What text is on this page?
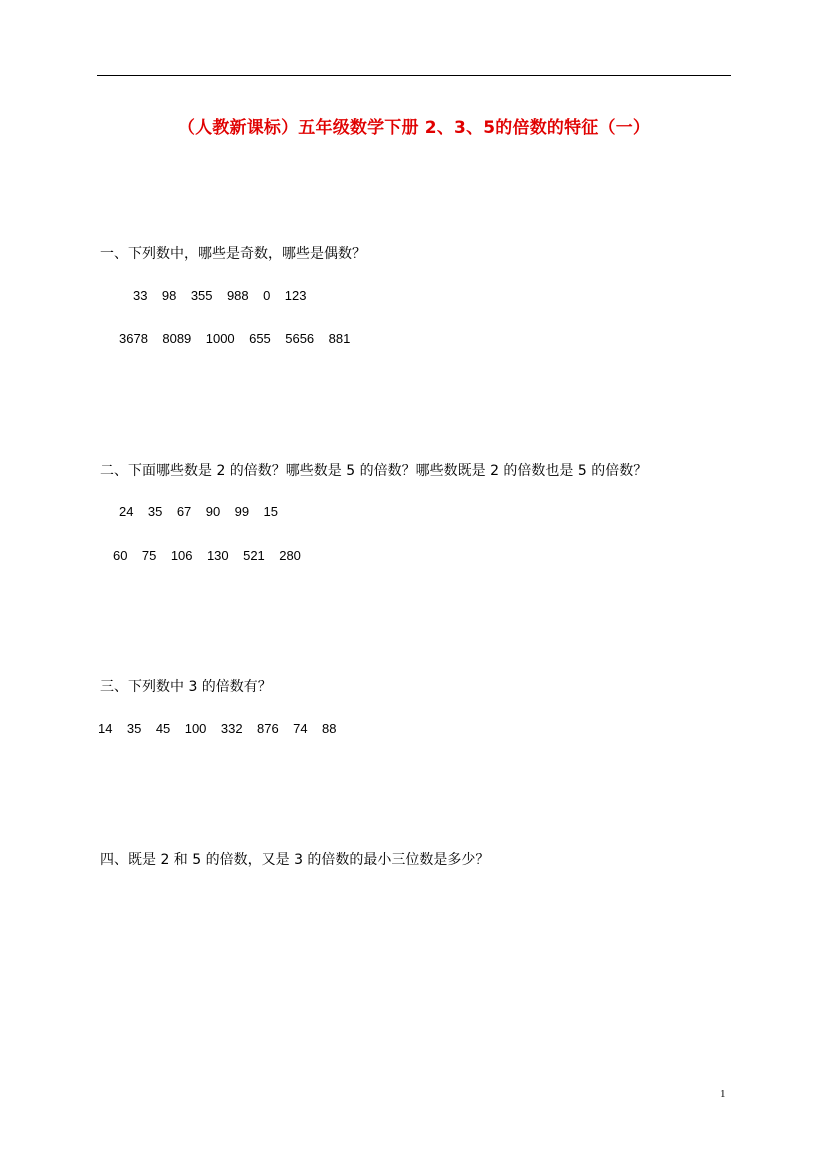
（人教新课标）五年级数学下册 2、3、5的倍数的特征（一）
一、下列数中，哪些是奇数，哪些是偶数？
33    98    355    988    0    123
3678    8089    1000    655    5656    881
二、下面哪些数是 2 的倍数？哪些数是 5 的倍数？哪些数既是 2 的倍数也是 5 的倍数？
24    35    67    90    99    15
60    75    106    130    521    280
三、下列数中 3 的倍数有？
14    35    45    100    332    876    74    88
四、既是 2 和 5 的倍数，又是 3 的倍数的最小三位数是多少？
1
